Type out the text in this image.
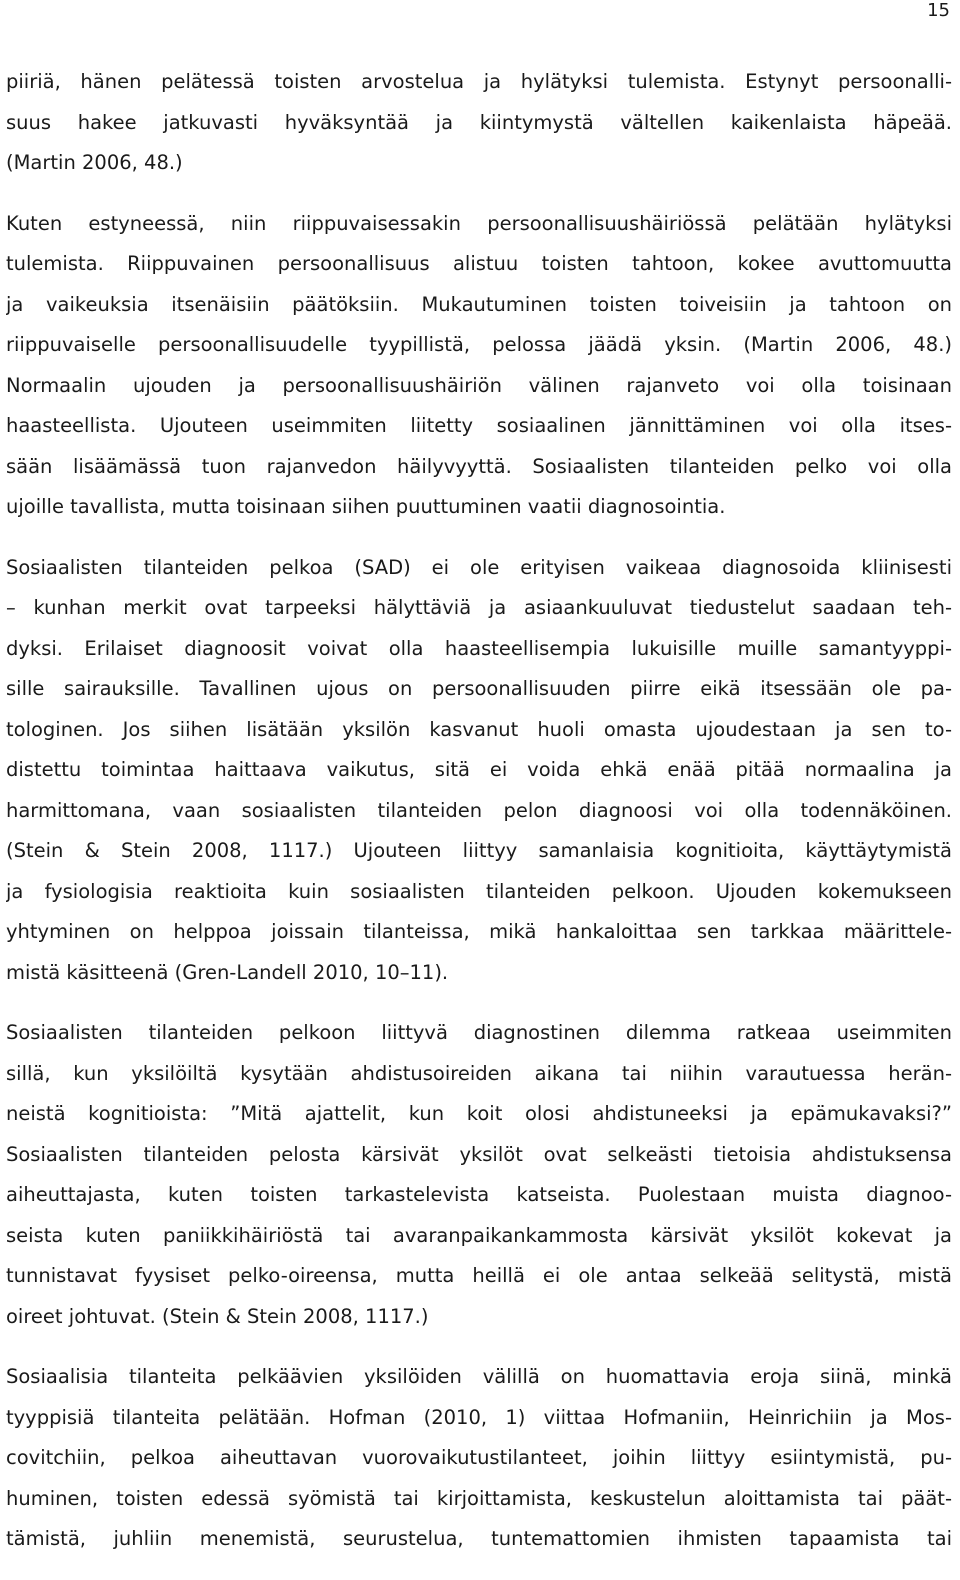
15
piiriä, hänen pelätessä toisten arvostelua ja hylätyksi tulemista. Estynyt persoonalli-
suus hakee jatkuvasti hyväksyntää ja kiintymystä vältellen kaikenlaista häpeää.
(Martin 2006, 48.)
Kuten estyneessä, niin riippuvaisessakin persoonallisuushäiriössä pelätään hylätyksi
tulemista. Riippuvainen persoonallisuus alistuu toisten tahtoon, kokee avuttomuutta
ja vaikeuksia itsenäisiin päätöksiin. Mukautuminen toisten toiveisiin ja tahtoon on
riippuvaiselle persoonallisuudelle tyypillistä, pelossa jäädä yksin. (Martin 2006, 48.)
Normaalin ujouden ja persoonallisuushäiriön välinen rajanveto voi olla toisinaan
haasteellista. Ujouteen useimmiten liitetty sosiaalinen jännittäminen voi olla itses-
sään lisäämässä tuon rajanvedon häilyvyyttä. Sosiaalisten tilanteiden pelko voi olla
ujoille tavallista, mutta toisinaan siihen puuttuminen vaatii diagnosointia.
Sosiaalisten tilanteiden pelkoa (SAD) ei ole erityisen vaikeaa diagnosoida kliinisesti
– kunhan merkit ovat tarpeeksi hälyttäviä ja asiaankuuluvat tiedustelut saadaan teh-
dyksi. Erilaiset diagnoosit voivat olla haasteellisempia lukuisille muille samantyyppi-
sille sairauksille. Tavallinen ujous on persoonallisuuden piirre eikä itsessään ole pa-
tologinen. Jos siihen lisätään yksilön kasvanut huoli omasta ujoudestaan ja sen to-
distettu toimintaa haittaava vaikutus, sitä ei voida ehkä enää pitää normaalina ja
harmittomana, vaan sosiaalisten tilanteiden pelon diagnoosi voi olla todennäköinen.
(Stein & Stein 2008, 1117.) Ujouteen liittyy samanlaisia kognitioita, käyttäytymistä
ja fysiologisia reaktioita kuin sosiaalisten tilanteiden pelkoon. Ujouden kokemukseen
yhtyminen on helppoa joissain tilanteissa, mikä hankaloittaa sen tarkkaa määrittele-
mistä käsitteenä (Gren-Landell 2010, 10–11).
Sosiaalisten tilanteiden pelkoon liittyvä diagnostinen dilemma ratkeaa useimmiten
sillä, kun yksilöiltä kysytään ahdistusoireiden aikana tai niihin varautuessa herän-
neistä kognitioista: ”Mitä ajattelit, kun koit olosi ahdistuneeksi ja epämukavaksi?”
Sosiaalisten tilanteiden pelosta kärsivät yksilöt ovat selkeästi tietoisia ahdistuksensa
aiheuttajasta, kuten toisten tarkastelevista katseista. Puolestaan muista diagnoo-
seista kuten paniikkihäiriöstä tai avaranpaikankammosta kärsivät yksilöt kokevat ja
tunnistavat fyysiset pelko-oireensa, mutta heillä ei ole antaa selkeää selitystä, mistä
oireet johtuvat. (Stein & Stein 2008, 1117.)
Sosiaalisia tilanteita pelkäävien yksilöiden välillä on huomattavia eroja siinä, minkä
tyyppisiä tilanteita pelätään. Hofman (2010, 1) viittaa Hofmaniin, Heinrichiin ja Mos-
covitchiin, pelkoa aiheuttavan vuorovaikutustilanteet, joihin liittyy esiintymistä, pu-
huminen, toisten edessä syömistä tai kirjoittamista, keskustelun aloittamista tai päät-
tämistä, juhliin menemistä, seurustelua, tuntemattomien ihmisten tapaamista tai
